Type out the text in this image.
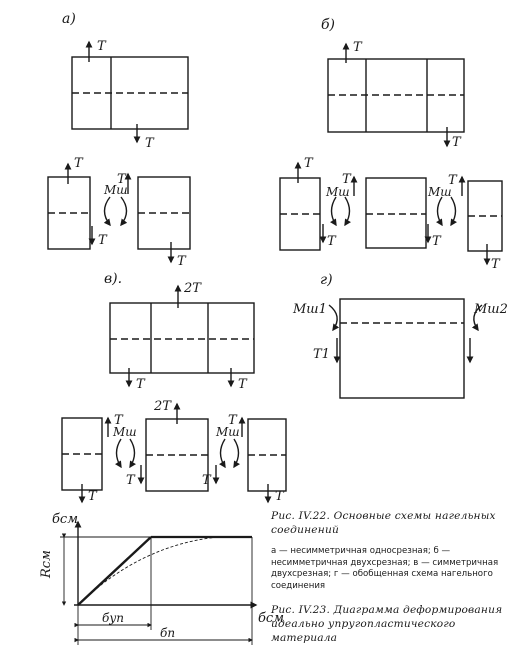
а)	б)
в).	г)
T
T
T
T
Mш
T
T
T
T
T
T
Mш
T
T
Mш
T
T
2T
T	T
T
Mш
T
T
2T
T
Mш
T
T
Mш1	Mш2
T1
бсм
бсм
Rсм
буп
бп
Рис. IV.22. Основные схемы нагельных соединений
а — несимметричная односрезная; б — несимметричная двухсрезная; в — симметричная двухсрезная; г — обобщенная схема нагельного соединения
Рис. IV.23. Диаграмма деформирования идеально упругопластического материала
